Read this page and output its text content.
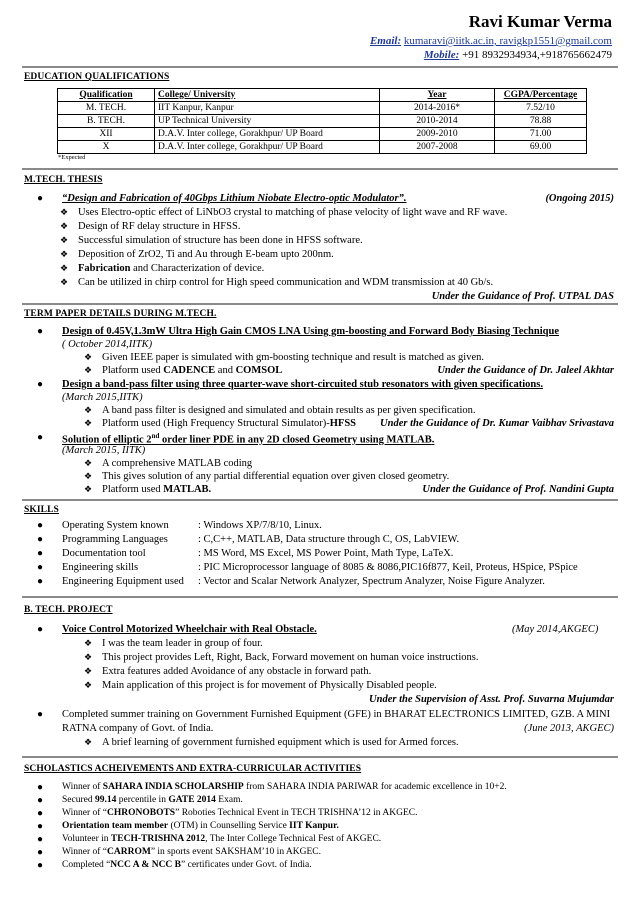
Ravi Kumar Verma
Email: kumaravi@iitk.ac.in, ravigkp1551@gmail.com
Mobile: +91 8932934934,+918765662479
EDUCATION QUALIFICATIONS
Qualification	College/ University	Year	CGPA/Percentage
M. TECH.	IIT Kanpur, Kanpur	2014-2016*	7.52/10
B. TECH.	UP Technical University	2010-2014	78.88
XII	D.A.V. Inter college, Gorakhpur/ UP Board	2009-2010	71.00
X	D.A.V. Inter college, Gorakhpur/ UP Board	2007-2008	69.00
*Expected
M.TECH. THESIS
● “Design and Fabrication of 40Gbps Lithium Niobate Electro-optic Modulator”.	(Ongoing 2015)
❖ Uses Electro-optic effect of LiNbO3 crystal to matching of phase velocity of light wave and RF wave.
❖ Design of RF delay structure in HFSS.
❖ Successful simulation of structure has been done in HFSS software.
❖ Deposition of ZrO2, Ti and Au through E-beam upto 200nm.
❖ Fabrication and Characterization of device.
❖ Can be utilized in chirp control for High speed communication and WDM transmission at 40 Gb/s.
Under the Guidance of Prof. UTPAL DAS
TERM PAPER DETAILS DURING M.TECH.
● Design of 0.45V,1.3mW Ultra High Gain CMOS LNA Using gm-boosting and Forward Body Biasing Technique
( October 2014,IITK)
❖ Given IEEE paper is simulated with gm-boosting technique and result is matched as given.
❖ Platform used CADENCE and COMSOL	Under the Guidance of Dr. Jaleel Akhtar
● Design a band-pass filter using three quarter-wave short-circuited stub resonators with given specifications.
(March 2015,IITK)
❖ A band pass filter is designed and simulated and obtain results as per given specification.
❖ Platform used (High Frequency Structural Simulator)-HFSS Under the Guidance of Dr. Kumar Vaibhav Srivastava
● Solution of elliptic 2nd order liner PDE in any 2D closed Geometry using MATLAB.
(March 2015, IITK)
❖ A comprehensive MATLAB coding
❖ This gives solution of any partial differential equation over given closed geometry.
❖ Platform used MATLAB.	Under the Guidance of Prof. Nandini Gupta
SKILLS
● Operating System known	: Windows XP/7/8/10, Linux.
● Programming Languages	: C,C++, MATLAB, Data structure through C, OS, LabVIEW.
● Documentation tool	: MS Word, MS Excel, MS Power Point, Math Type, LaTeX.
● Engineering skills	: PIC Microprocessor language of 8085 & 8086,PIC16f877, Keil, Proteus, HSpice, PSpice
● Engineering Equipment used : Vector and Scalar Network Analyzer, Spectrum Analyzer, Noise Figure Analyzer.
B. TECH. PROJECT
● Voice Control Motorized Wheelchair with Real Obstacle.	(May 2014,AKGEC)
❖ I was the team leader in group of four.
❖ This project provides Left, Right, Back, Forward movement on human voice instructions.
❖ Extra features added Avoidance of any obstacle in forward path.
❖ Main application of this project is for movement of Physically Disabled people.
Under the Supervision of Asst. Prof. Suvarna Mujumdar
● Completed summer training on Government Furnished Equipment (GFE) in BHARAT ELECTRONICS LIMITED, GZB. A MINI
RATNA company of Govt. of India.	(June 2013, AKGEC)
❖ A brief learning of government furnished equipment which is used for Armed forces.
SCHOLASTICS ACHEIVEMENTS AND EXTRA-CURRICULAR ACTIVITIES
● Winner of SAHARA INDIA SCHOLARSHIP from SAHARA INDIA PARIWAR for academic excellence in 10+2.
● Secured 99.14 percentile in GATE 2014 Exam.
● Winner of “CHRONOBOTS” Roboties Technical Event in TECH TRISHNA’12 in AKGEC.
● Orientation team member (OTM) in Counselling Service IIT Kanpur.
● Volunteer in TECH-TRISHNA 2012, The Inter College Technical Fest of AKGEC.
● Winner of “CARROM” in sports event SAKSHAM’10 in AKGEC.
● Completed “NCC A & NCC B” certificates under Govt. of India.
